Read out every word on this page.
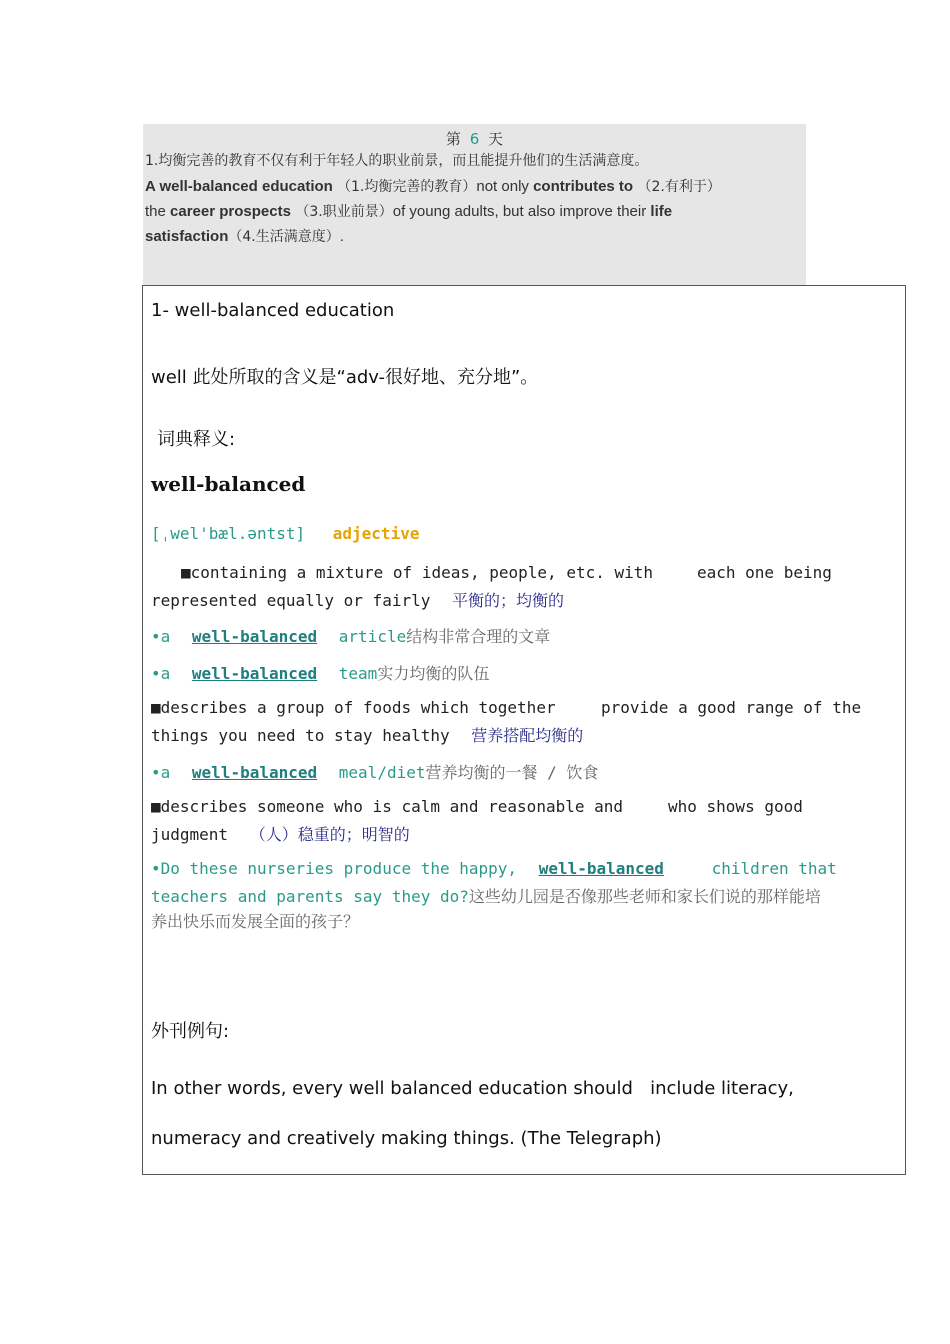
第 6 天
1.均衡完善的教育不仅有利于年轻人的职业前景，而且能提升他们的生活满意度。
A well-balanced education （1.均衡完善的教育）not only contributes to （2.有利于）
the career prospects （3.职业前景）of young adults, but also improve their life
satisfaction（4.生活满意度）.
1- well-balanced education
well 此处所取的含义是“adv-很好地、充分地”。
词典释义:
well-balanced
[ˌwel'bæl.əntst] adjective
■containing a mixture of ideas, people, etc. with	each one being
represented equally or fairly 平衡的；均衡的
•a well-balanced article结构非常合理的文章
•a well-balanced team实力均衡的队伍
■describes a group of foods which together	provide a good range of the
things you need to stay healthy 营养搭配均衡的
•a well-balanced meal/diet营养均衡的一餐 / 饮食
■describes someone who is calm and reasonable and	who shows good
judgment （人）稳重的；明智的
•Do these nurseries produce the happy, well-balanced	children that
teachers and parents say they do?这些幼儿园是否像那些老师和家长们说的那样能培
养出快乐而发展全面的孩子？
外刊例句:
In other words, every well balanced education should   include literacy,
numeracy and creatively making things. (The Telegraph)
